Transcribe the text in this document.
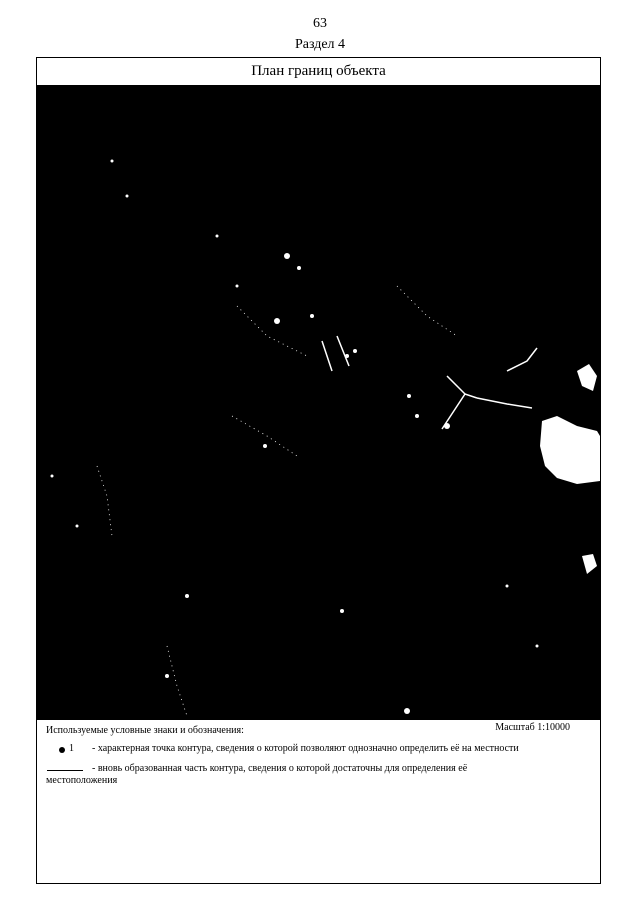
63
Раздел 4
План границ объекта
Используемые условные знаки и обозначения:	Масштаб 1:10000
1 - характерная точка контура, сведения о которой позволяют однозначно определить её на местности
- вновь образованная часть контура, сведения о которой достаточны для определения её
местоположения
